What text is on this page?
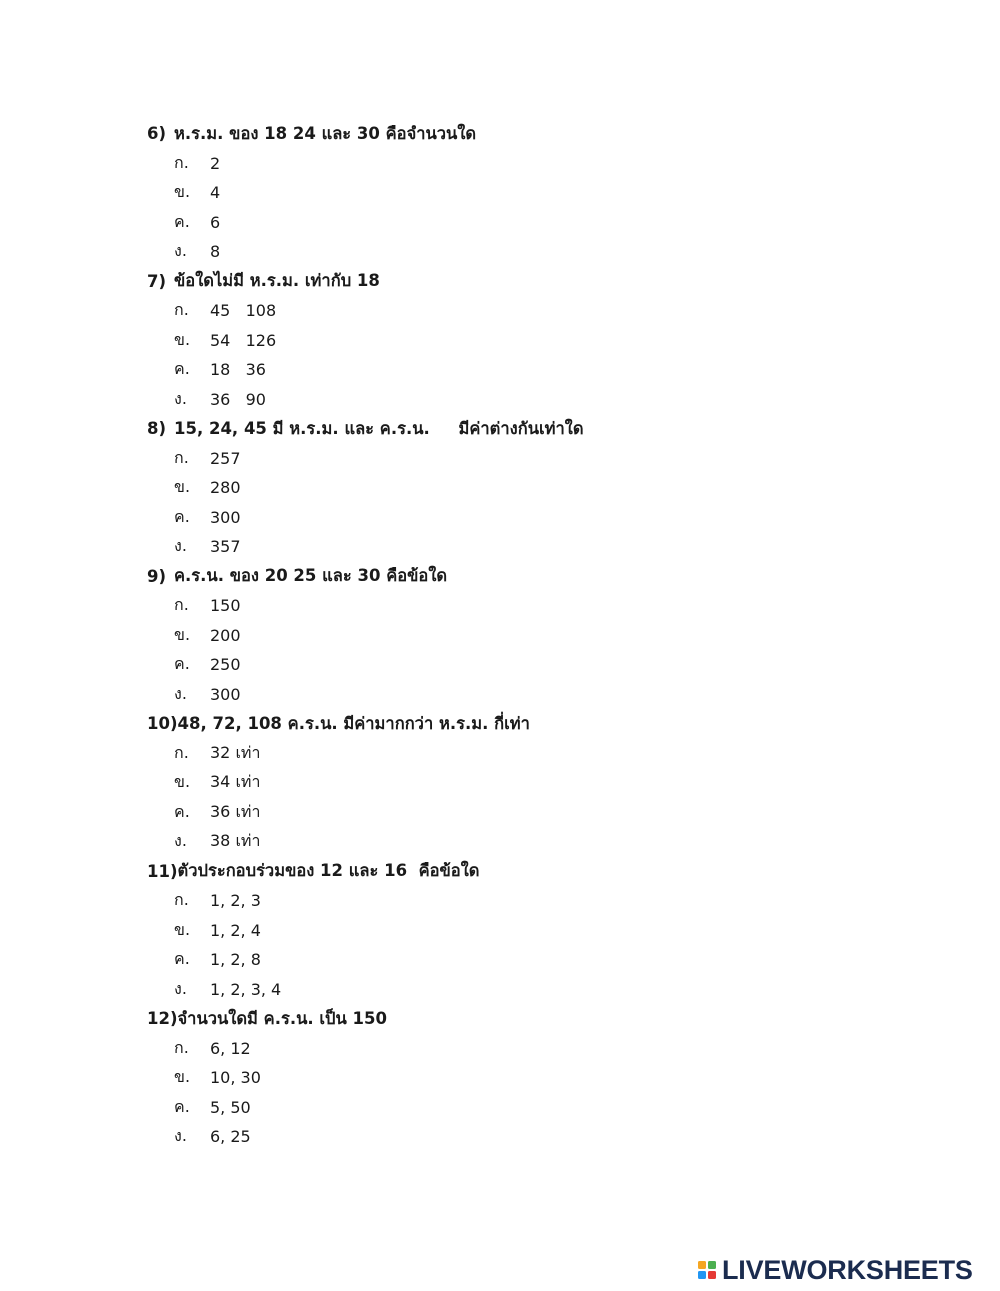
6) ห.ร.ม. ของ 18 24 และ 30 คือจำนวนใด
ก.	2
ข.	4
ค.	6
ง.	8
7) ข้อใดไม่มี ห.ร.ม. เท่ากับ 18
ก.	45   108
ข.	54   126
ค.	18   36
ง.	36   90
8) 15, 24, 45 มี ห.ร.ม. และ ค.ร.น.     มีค่าต่างกันเท่าใด
ก.	257
ข.	280
ค.	300
ง.	357
9) ค.ร.น. ของ 20 25 และ 30 คือข้อใด
ก.	150
ข.	200
ค.	250
ง.	300
10) 48, 72, 108 ค.ร.น. มีค่ามากกว่า ห.ร.ม. กี่เท่า
ก.	32 เท่า
ข.	34 เท่า
ค.	36 เท่า
ง.	38 เท่า
11) ตัวประกอบร่วมของ 12 และ 16  คือข้อใด
ก.	1, 2, 3
ข.	1, 2, 4
ค.	1, 2, 8
ง.	1, 2, 3, 4
12) จำนวนใดมี ค.ร.น. เป็น 150
ก.	6, 12
ข.	10, 30
ค.	5, 50
ง.	6, 25
LIVEWORKSHEETS
